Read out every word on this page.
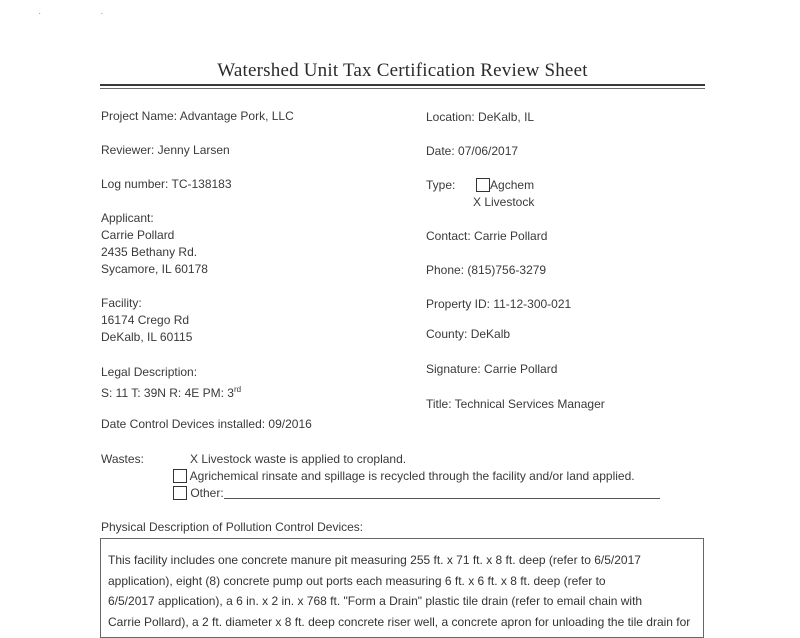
· ·
Watershed Unit Tax Certification Review Sheet
Project Name: Advantage Pork, LLC
Reviewer: Jenny Larsen
Log number: TC-138183
Applicant:
Carrie Pollard
2435 Bethany Rd.
Sycamore, IL 60178
Facility:
16174 Crego Rd
DeKalb, IL 60115
Legal Description:
S: 11 T: 39N R: 4E PM: 3rd
Date Control Devices installed: 09/2016
Location: DeKalb, IL
Date: 07/06/2017
Type:	Agchem
X Livestock
Contact: Carrie Pollard
Phone: (815)756-3279
Property ID: 11-12-300-021
County: DeKalb
Signature: Carrie Pollard
Title: Technical Services Manager
Wastes:	X Livestock waste is applied to cropland.
Agrichemical rinsate and spillage is recycled through the facility and/or land applied.
Other:
Physical Description of Pollution Control Devices:
This facility includes one concrete manure pit measuring 255 ft. x 71 ft. x 8 ft. deep (refer to 6/5/2017
application), eight (8) concrete pump out ports each measuring 6 ft. x 6 ft. x 8 ft. deep (refer to
6/5/2017 application), a 6 in. x 2 in. x 768 ft. "Form a Drain" plastic tile drain (refer to email chain with
Carrie Pollard), a 2 ft. diameter x 8 ft. deep concrete riser well, a concrete apron for unloading the tile drain for
